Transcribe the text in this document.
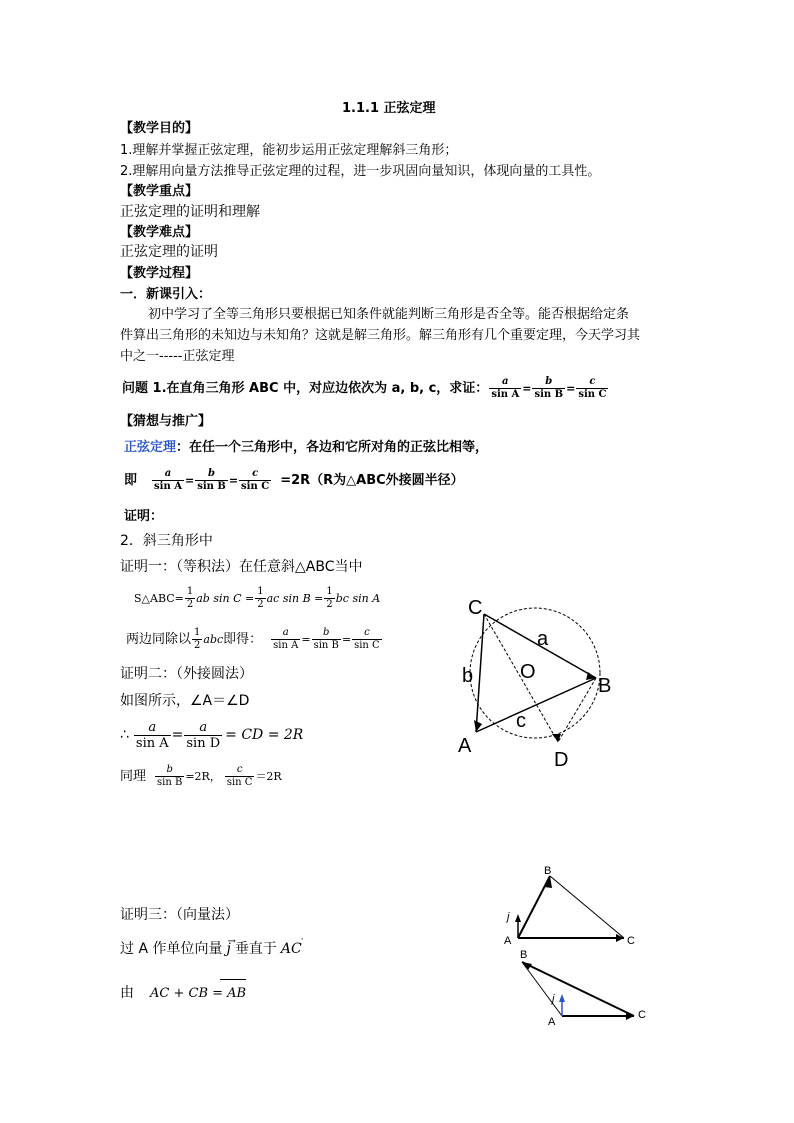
1.1.1 正弦定理
【教学目的】
1.理解并掌握正弦定理，能初步运用正弦定理解斜三角形；
2.理解用向量方法推导正弦定理的过程，进一步巩固向量知识，体现向量的工具性。
【教学重点】
正弦定理的证明和理解
【教学难点】
正弦定理的证明
【教学过程】
一．新课引入：
初中学习了全等三角形只要根据已知条件就能判断三角形是否全等。能否根据给定条
件算出三角形的未知边与未知角？这就是解三角形。解三角形有几个重要定理，今天学习其
中之一-----正弦定理
问题 1.在直角三角形 ABC 中，对应边依次为 a, b, c，求证： $\frac{a}{\text{sin A}} = \frac{b}{\text{sin B}} = \frac{c}{\text{sin C}}$
【猜想与推广】
正弦定理：在任一个三角形中，各边和它所对角的正弦比相等，
即 $\frac{a}{\text{sin A}} = \frac{b}{\text{sin B}} = \frac{c}{\text{sin C}} =2R(R$为△ABC外接圆半径）
证明：
2．斜三角形中
证明一：（等积法）在任意斜△ABC当中
S△ABC= $\frac{1}{2}$ ab $\sin C = \frac{1}{2}$ ac $\sin B = \frac{1}{2}$ bc sin A
两边同除以 $\frac{1}{2}$ abc 即得： $\frac{a}{\text{sin A}} = \frac{b}{\text{sin B}} = \frac{c}{\text{sin C}}$
证明二：（外接圆法）
如图所示，∠A＝∠D
∴ $\frac{a}{\text{sin A}} = \frac{a}{\text{sin D}}$ = CD = 2R
同理 $\frac{b}{\text{sin B}} =2R$， $\frac{c}{\text{sin C}} =2R$
证明三：（向量法）
过 A 作单位向量 →
j 垂直于
·
AC
由 AC + CB = AB
C
a
b O
B
c
A
D
B
j
A	C
B
j
A
C
